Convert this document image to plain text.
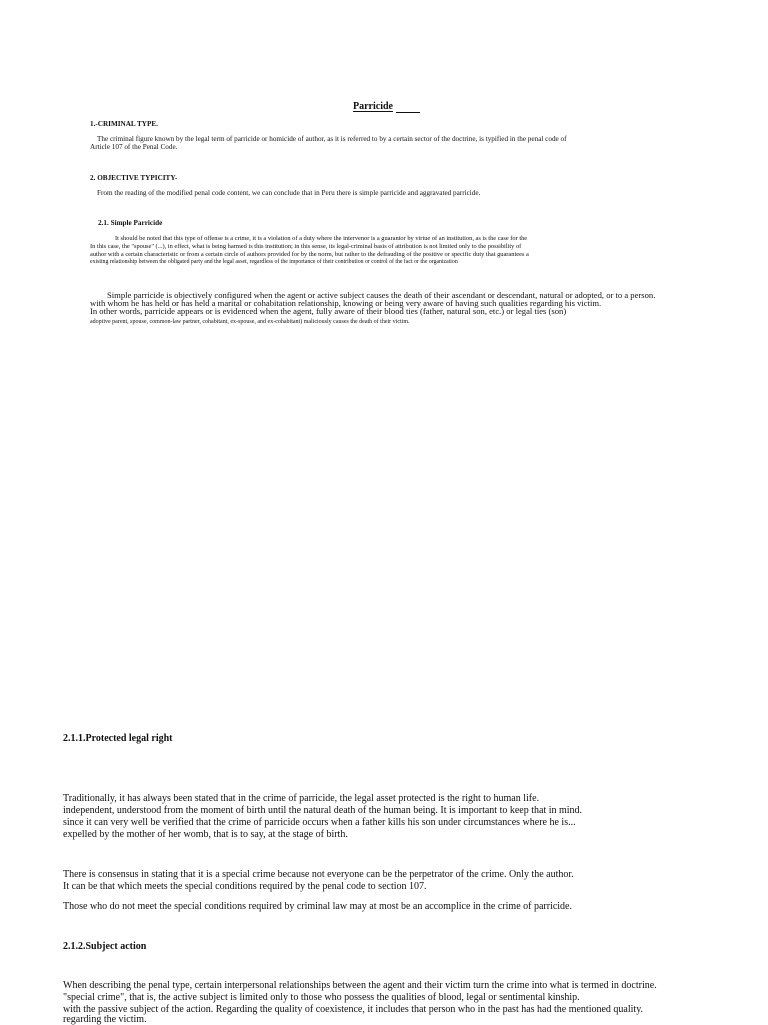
Parricide
1.-CRIMINAL TYPE.
The criminal figure known by the legal term of parricide or homicide of author, as it is referred to by a certain sector of the doctrine, is typified in the penal code of
Article 107 of the Penal Code.
2. OBJECTIVE TYPICITY-
From the reading of the modified penal code content, we can conclude that in Peru there is simple parricide and aggravated parricide.
2.1. Simple Parricide
It should be noted that this type of offense is a crime, it is a violation of a duty where the intervenor is a guarantor by virtue of an institution, as is the case for the
In this case, the "spouse" (...), in effect, what is being harmed is this institution; in this sense, its legal-criminal basis of attribution is not limited only to the possibility of
author with a certain characteristic or from a certain circle of authors provided for by the norm, but rather to the defrauding of the positive or specific duty that guarantees a
existing relationship between the obligated party and the legal asset, regardless of the importance of their contribution or control of the fact or the organization
Simple parricide is objectively configured when the agent or active subject causes the death of their ascendant or descendant, natural or adopted, or to a person.
with whom he has held or has held a marital or cohabitation relationship, knowing or being very aware of having such qualities regarding his victim.
In other words, parricide appears or is evidenced when the agent, fully aware of their blood ties (father, natural son, etc.) or legal ties (son)
adoptive parent, spouse, common-law partner, cohabitant, ex-spouse, and ex-cohabitant) maliciously causes the death of their victim.
2.1.1.Protected legal right
Traditionally, it has always been stated that in the crime of parricide, the legal asset protected is the right to human life.
independent, understood from the moment of birth until the natural death of the human being. It is important to keep that in mind.
since it can very well be verified that the crime of parricide occurs when a father kills his son under circumstances where he is...
expelled by the mother of her womb, that is to say, at the stage of birth.
There is consensus in stating that it is a special crime because not everyone can be the perpetrator of the crime. Only the author.
It can be that which meets the special conditions required by the penal code to section 107.
Those who do not meet the special conditions required by criminal law may at most be an accomplice in the crime of parricide.
2.1.2.Subject action
When describing the penal type, certain interpersonal relationships between the agent and their victim turn the crime into what is termed in doctrine.
"special crime", that is, the active subject is limited only to those who possess the qualities of blood, legal or sentimental kinship.
with the passive subject of the action. Regarding the quality of coexistence, it includes that person who in the past has had the mentioned quality.
regarding the victim.
